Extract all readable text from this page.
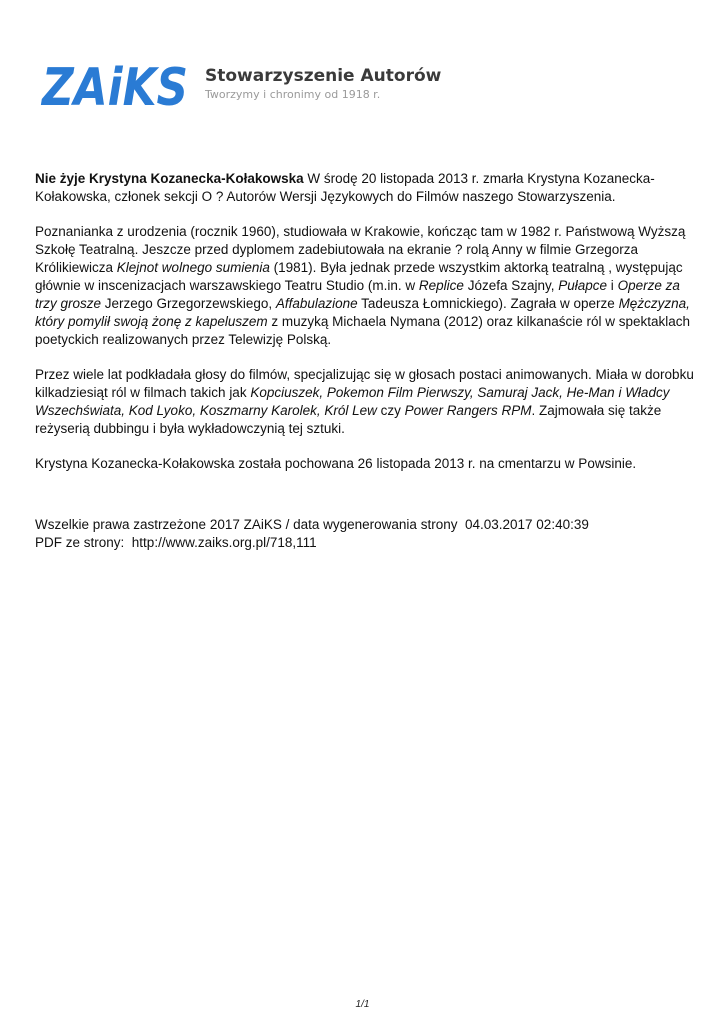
ZAiKS Stowarzyszenie Autorów
Tworzymy i chronimy od 1918 r.

Nie żyje Krystyna Kozanecka-Kołakowska W środę 20 listopada 2013 r. zmarła Krystyna Kozanecka-Kołakowska, członek sekcji O ? Autorów Wersji Językowych do Filmów naszego Stowarzyszenia.

Poznanianka z urodzenia (rocznik 1960), studiowała w Krakowie, kończąc tam w 1982 r. Państwową Wyższą Szkołę Teatralną. Jeszcze przed dyplomem zadebiutowała na ekranie ? rolą Anny w filmie Grzegorza Królikiewicza Klejnot wolnego sumienia (1981). Była jednak przede wszystkim aktorką teatralną , występując głównie w inscenizacjach warszawskiego Teatru Studio (m.in. w Replice Józefa Szajny, Pułapce i Operze za trzy grosze Jerzego Grzegorzewskiego, Affabulazione Tadeusza Łomnickiego). Zagrała w operze Mężczyzna, który pomylił swoją żonę z kapeluszem z muzyką Michaela Nymana (2012) oraz kilkanaście ról w spektaklach poetyckich realizowanych przez Telewizję Polską.

Przez wiele lat podkładała głosy do filmów, specjalizując się w głosach postaci animowanych. Miała w dorobku kilkadziesiąt ról w filmach takich jak Kopciuszek, Pokemon Film Pierwszy, Samuraj Jack, He-Man i Władcy Wszechświata, Kod Lyoko, Koszmarny Karolek, Król Lew czy Power Rangers RPM. Zajmowała się także reżyserią dubbingu i była wykładowczynią tej sztuki.

Krystyna Kozanecka-Kołakowska została pochowana 26 listopada 2013 r. na cmentarzu w Powsinie.

Wszelkie prawa zastrzeżone 2017 ZAiKS / data wygenerowania strony 04.03.2017 02:40:39
PDF ze strony: http://www.zaiks.org.pl/718,111
1/1
